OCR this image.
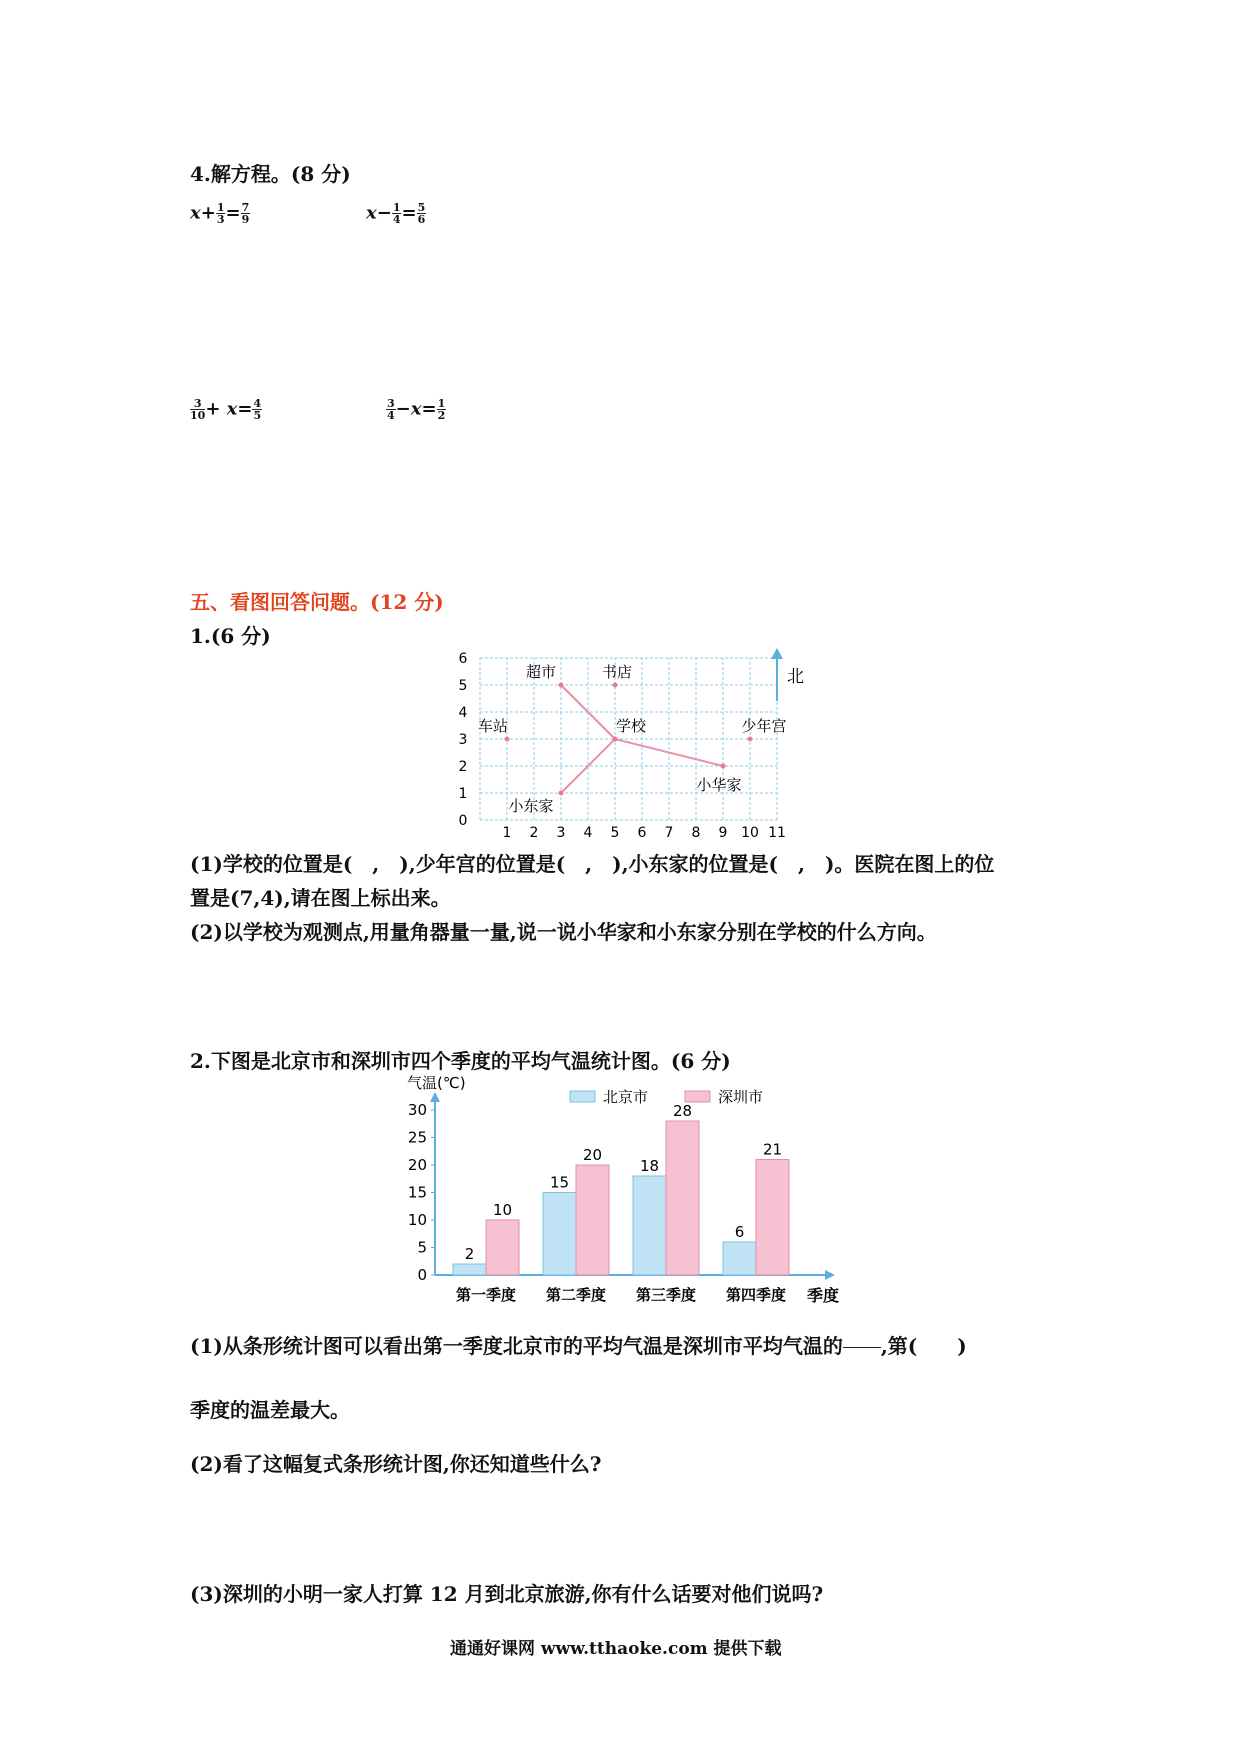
4.解方程。(8 分)
$x+ \frac{1}{3} = \frac{7}{9}$	$x- \frac{1}{4} = \frac{5}{6}$
$\frac{3}{10} + x= \frac{4}{5}$	$\frac{3}{4} -x= \frac{1}{2}$
五、看图回答问题。(12 分)
1.(6 分)
超市	书店
车站	学校	少年宫
小华家
小东家
1 2 3 4 5 6 7 8 9 10 11
0
1
2
3
4
5
6
北
(1)学校的位置是(　,　),少年宫的位置是(　,　),小东家的位置是(　,　)。医院在图上的位
置是(7,4),请在图上标出来。
(2)以学校为观测点,用量角器量一量,说一说小华家和小东家分别在学校的什么方向。
2.下图是北京市和深圳市四个季度的平均气温统计图。(6 分)
0
5
10
15
20
25
30
2
10
第一季度
15
20
第二季度
18
28
第三季度
6
21
第四季度
北京市	深圳市
气温(℃)
季度
(1)从条形统计图可以看出第一季度北京市的平均气温是深圳市平均气温的

,第(　　)
季度的温差最大。
(2)看了这幅复式条形统计图,你还知道些什么?
(3)深圳的小明一家人打算 12 月到北京旅游,你有什么话要对他们说吗?
通通好课网 www.tthaoke.com 提供下载
